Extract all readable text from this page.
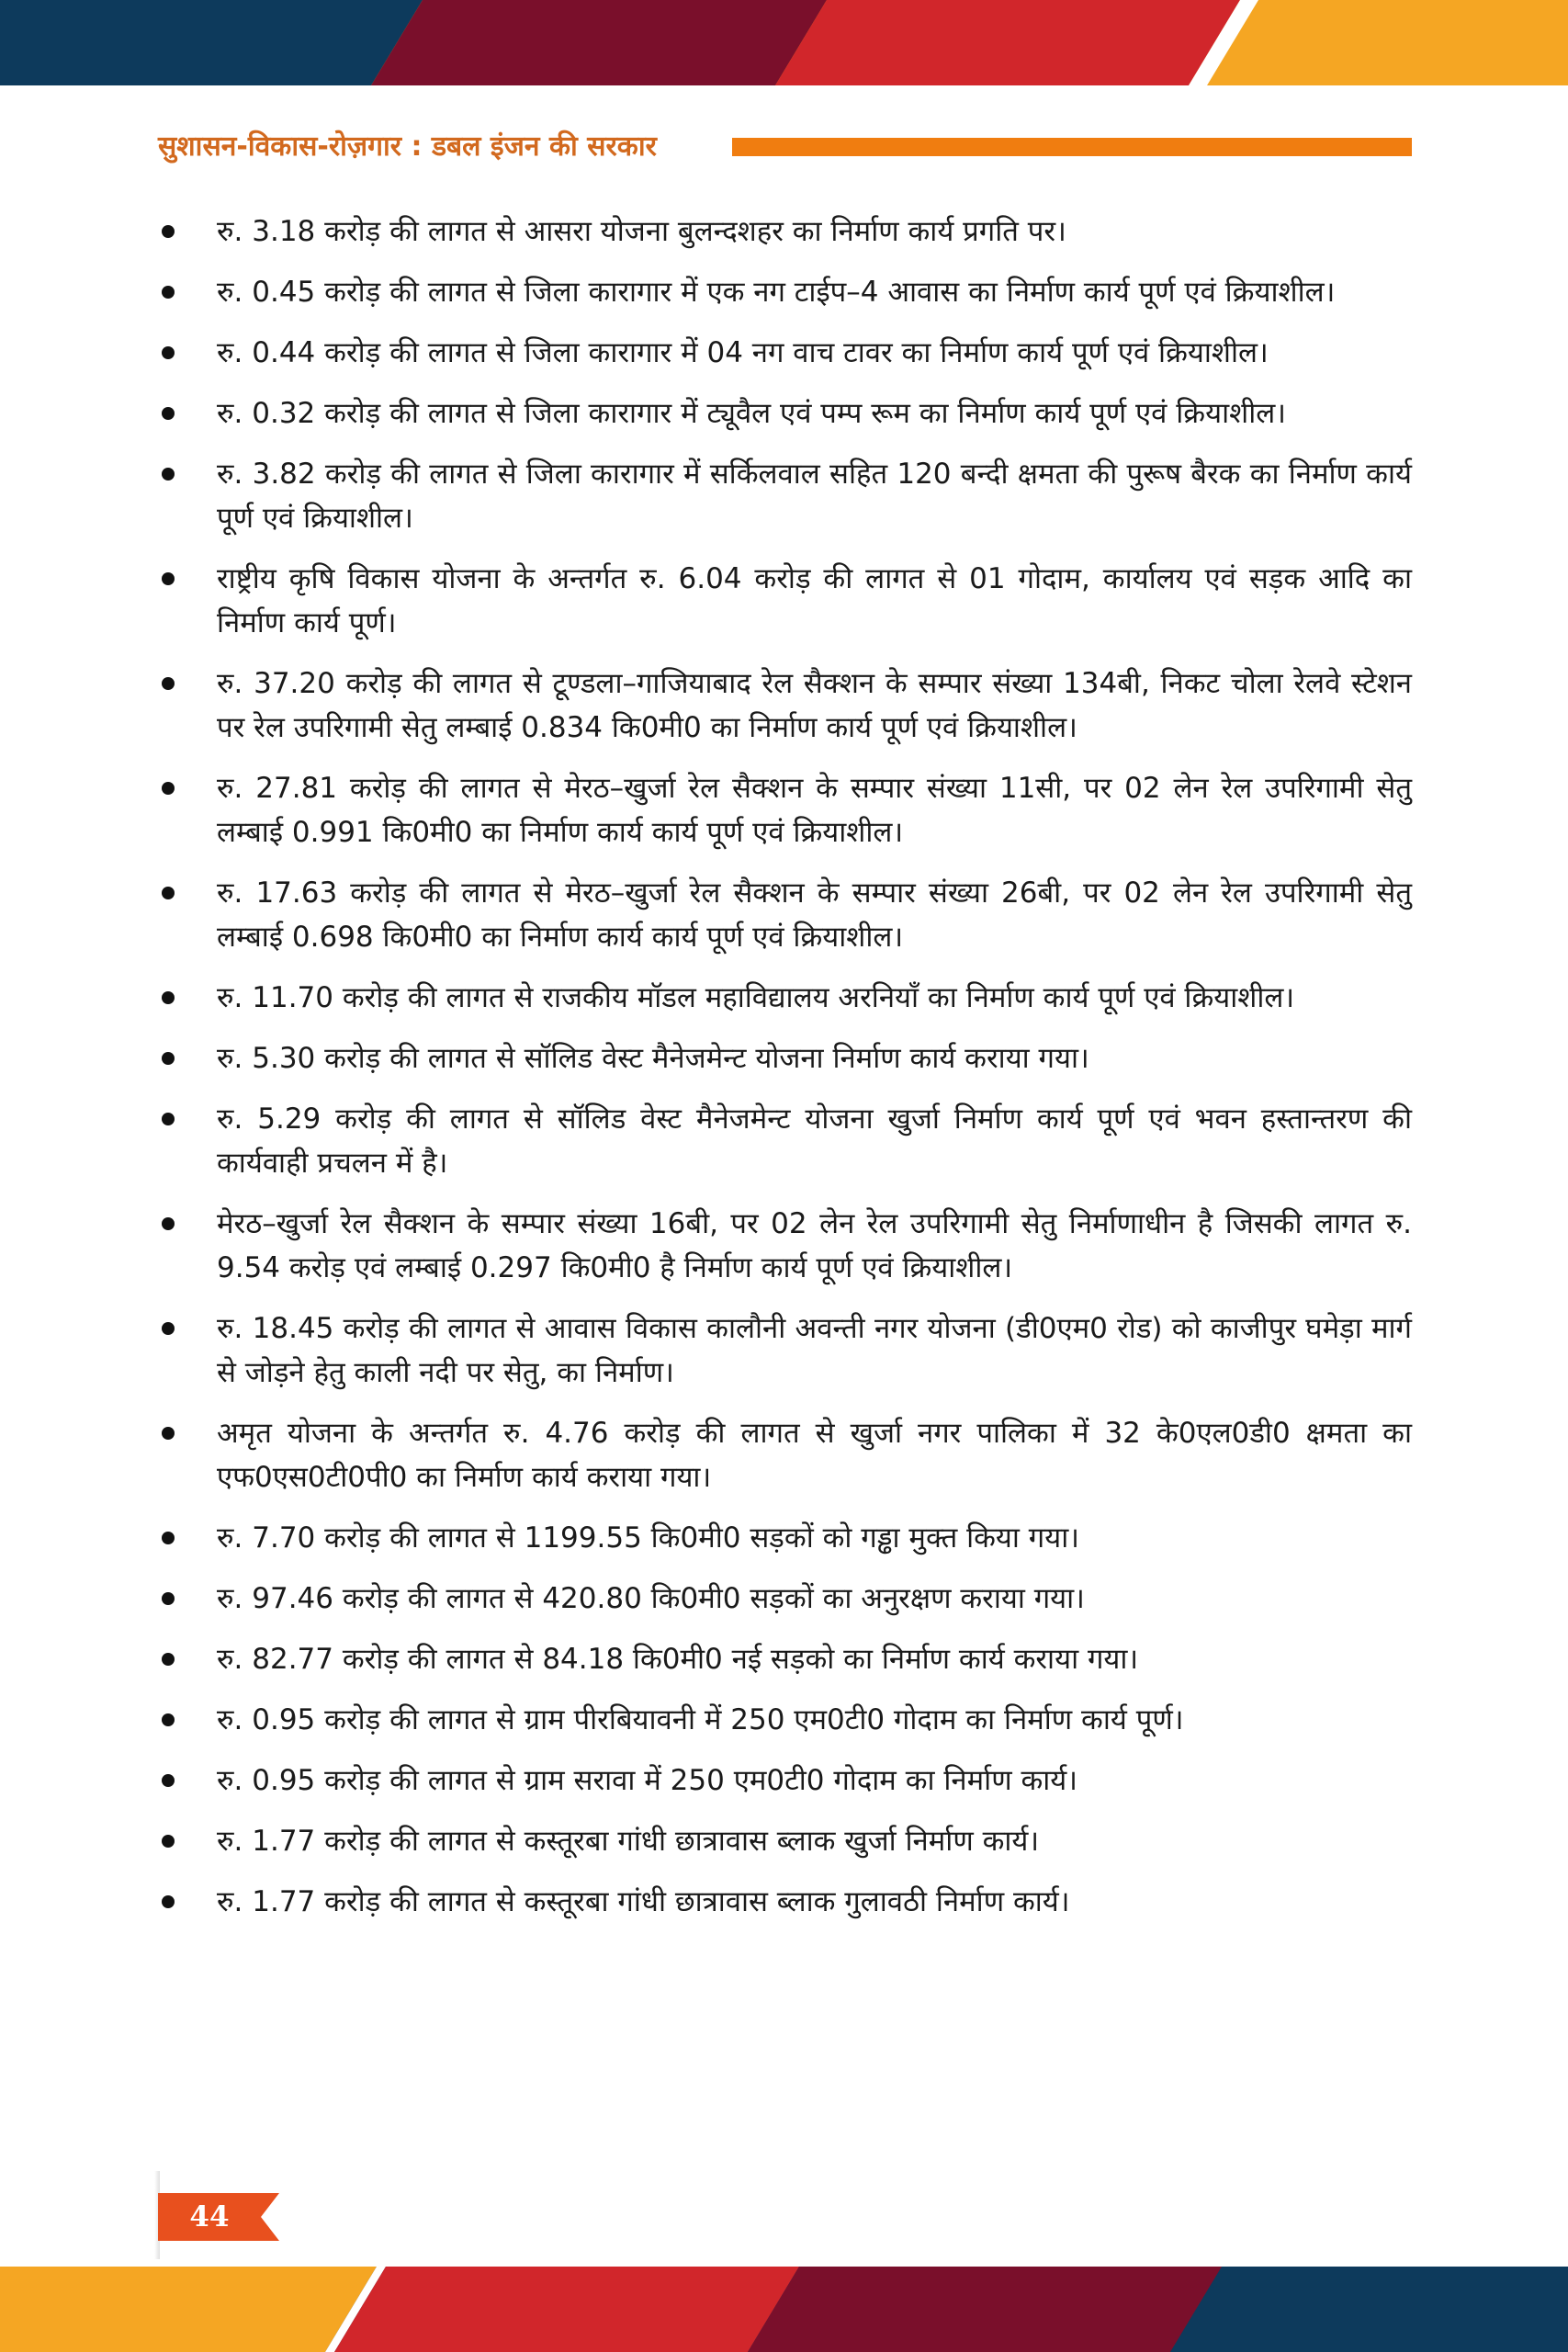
सुशासन-विकास-रोज़गार : डबल इंजन की सरकार
रु. 3.18 करोड़ की लागत से आसरा योजना बुलन्दशहर का निर्माण कार्य प्रगति पर।
रु. 0.45 करोड़ की लागत से जिला कारागार में एक नग टाईप–4 आवास का निर्माण कार्य पूर्ण एवं क्रियाशील।
रु. 0.44 करोड़ की लागत से जिला कारागार में 04 नग वाच टावर का निर्माण कार्य पूर्ण एवं क्रियाशील।
रु. 0.32 करोड़ की लागत से जिला कारागार में ट्यूवैल एवं पम्प रूम का निर्माण कार्य पूर्ण एवं क्रियाशील।
रु. 3.82 करोड़ की लागत से जिला कारागार में सर्किलवाल सहित 120 बन्दी क्षमता की पुरूष बैरक का निर्माण कार्य पूर्ण एवं क्रियाशील।
राष्ट्रीय कृषि विकास योजना के अन्तर्गत रु. 6.04 करोड़ की लागत से 01 गोदाम, कार्यालय एवं सड़क आदि का निर्माण कार्य पूर्ण।
रु. 37.20 करोड़ की लागत से टूण्डला–गाजियाबाद रेल सैक्शन के सम्पार संख्या 134बी, निकट चोला रेलवे स्टेशन पर रेल उपरिगामी सेतु लम्बाई 0.834 कि0मी0 का निर्माण कार्य पूर्ण एवं क्रियाशील।
रु. 27.81 करोड़ की लागत से मेरठ–खुर्जा रेल सैक्शन के सम्पार संख्या 11सी, पर 02 लेन रेल उपरिगामी सेतु लम्बाई 0.991 कि0मी0 का निर्माण कार्य कार्य पूर्ण एवं क्रियाशील।
रु. 17.63 करोड़ की लागत से मेरठ–खुर्जा रेल सैक्शन के सम्पार संख्या 26बी, पर 02 लेन रेल उपरिगामी सेतु लम्बाई 0.698 कि0मी0 का निर्माण कार्य कार्य पूर्ण एवं क्रियाशील।
रु. 11.70 करोड़ की लागत से राजकीय मॉडल महाविद्यालय अरनियॉं का निर्माण कार्य पूर्ण एवं क्रियाशील।
रु. 5.30 करोड़ की लागत से सॉलिड वेस्ट मैनेजमेन्ट योजना निर्माण कार्य कराया गया।
रु. 5.29 करोड़ की लागत से सॉलिड वेस्ट मैनेजमेन्ट योजना खुर्जा निर्माण कार्य पूर्ण एवं भवन हस्तान्तरण की कार्यवाही प्रचलन में है।
मेरठ–खुर्जा रेल सैक्शन के सम्पार संख्या 16बी, पर 02 लेन रेल उपरिगामी सेतु निर्माणाधीन है जिसकी लागत रु. 9.54 करोड़ एवं लम्बाई 0.297 कि0मी0 है निर्माण कार्य पूर्ण एवं क्रियाशील।
रु. 18.45 करोड़ की लागत से आवास विकास कालौनी अवन्ती नगर योजना (डी0एम0 रोड) को काजीपुर घमेड़ा मार्ग से जोड़ने हेतु काली नदी पर सेतु, का निर्माण।
अमृत योजना के अन्तर्गत रु. 4.76 करोड़ की लागत से खुर्जा नगर पालिका में 32 के0एल0डी0 क्षमता का एफ0एस0टी0पी0 का निर्माण कार्य कराया गया।
रु. 7.70 करोड़ की लागत से 1199.55 कि0मी0 सड़कों को गड्ढा मुक्त किया गया।
रु. 97.46 करोड़ की लागत से 420.80 कि0मी0 सड़कों का अनुरक्षण कराया गया।
रु. 82.77 करोड़ की लागत से 84.18 कि0मी0 नई सड़को का निर्माण कार्य कराया गया।
रु. 0.95 करोड़ की लागत से ग्राम पीरबियावनी में 250 एम0टी0 गोदाम का निर्माण कार्य पूर्ण।
रु. 0.95 करोड़ की लागत से ग्राम सरावा में 250 एम0टी0 गोदाम का निर्माण कार्य।
रु. 1.77 करोड़ की लागत से कस्तूरबा गांधी छात्रावास ब्लाक खुर्जा निर्माण कार्य।
रु. 1.77 करोड़ की लागत से कस्तूरबा गांधी छात्रावास ब्लाक गुलावठी निर्माण कार्य।
44
